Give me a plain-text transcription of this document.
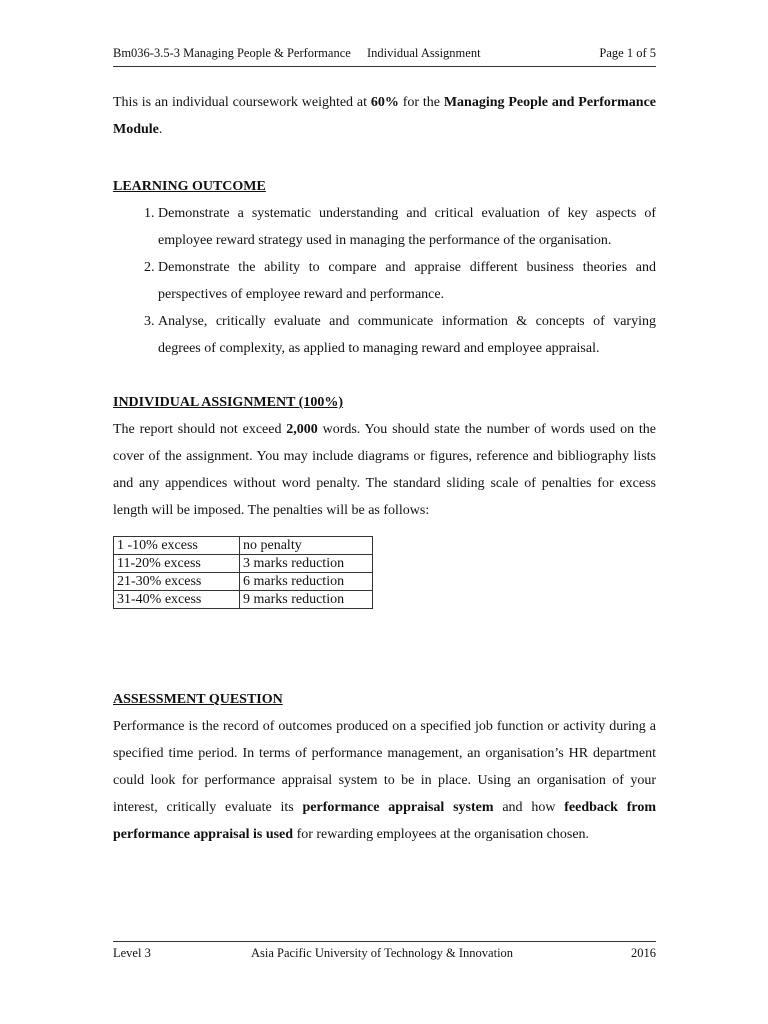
Bm036-3.5-3 Managing People & Performance Individual Assignment	Page 1 of 5

This is an individual coursework weighted at 60% for the Managing People and Performance Module.

LEARNING OUTCOME

1. Demonstrate a systematic understanding and critical evaluation of key aspects of employee reward strategy used in managing the performance of the organisation.
2. Demonstrate the ability to compare and appraise different business theories and perspectives of employee reward and performance.
3. Analyse, critically evaluate and communicate information & concepts of varying degrees of complexity, as applied to managing reward and employee appraisal.

INDIVIDUAL ASSIGNMENT (100%)

The report should not exceed 2,000 words. You should state the number of words used on the cover of the assignment. You may include diagrams or figures, reference and bibliography lists and any appendices without word penalty. The standard sliding scale of penalties for excess length will be imposed. The penalties will be as follows:

1 -10% excess	no penalty
11-20% excess	3 marks reduction
21-30% excess	6 marks reduction
31-40% excess	9 marks reduction

ASSESSMENT QUESTION

Performance is the record of outcomes produced on a specified job function or activity during a specified time period. In terms of performance management, an organisation’s HR department could look for performance appraisal system to be in place. Using an organisation of your interest, critically evaluate its performance appraisal system and how feedback from performance appraisal is used for rewarding employees at the organisation chosen.

Level 3	Asia Pacific University of Technology & Innovation	2016
